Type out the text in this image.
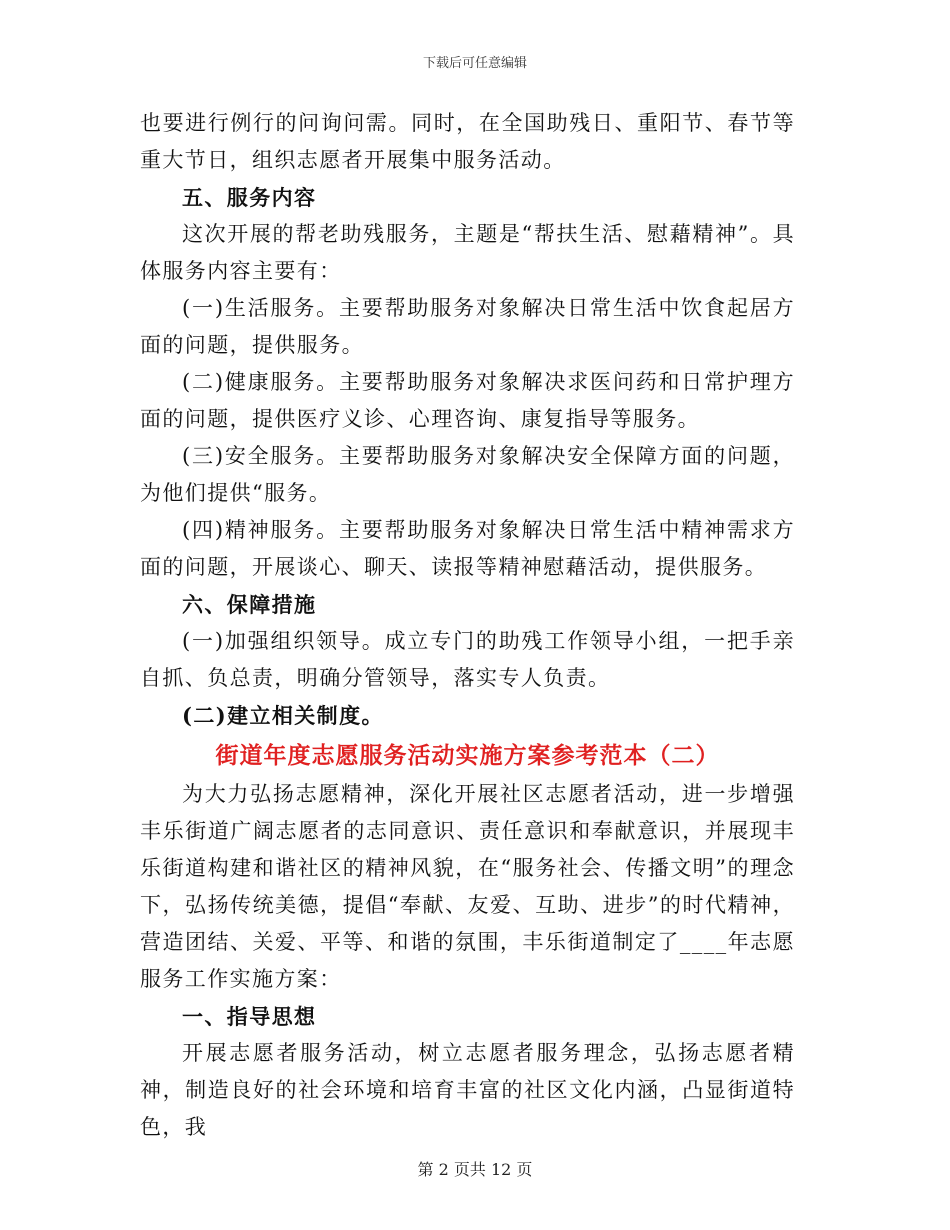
下载后可任意编辑

也要进行例行的问询问需。同时，在全国助残日、重阳节、春节等重大节日，组织志愿者开展集中服务活动。

五、服务内容

这次开展的帮老助残服务，主题是“帮扶生活、慰藉精神”。具体服务内容主要有：

(一)生活服务。主要帮助服务对象解决日常生活中饮食起居方面的问题，提供服务。

(二)健康服务。主要帮助服务对象解决求医问药和日常护理方面的问题，提供医疗义诊、心理咨询、康复指导等服务。

(三)安全服务。主要帮助服务对象解决安全保障方面的问题，为他们提供“服务。

(四)精神服务。主要帮助服务对象解决日常生活中精神需求方面的问题，开展谈心、聊天、读报等精神慰藉活动，提供服务。

六、保障措施

(一)加强组织领导。成立专门的助残工作领导小组，一把手亲自抓、负总责，明确分管领导，落实专人负责。

(二)建立相关制度。

街道年度志愿服务活动实施方案参考范本（二）

为大力弘扬志愿精神，深化开展社区志愿者活动，进一步增强丰乐街道广阔志愿者的志同意识、责任意识和奉献意识，并展现丰乐街道构建和谐社区的精神风貌，在“服务社会、传播文明”的理念下，弘扬传统美德，提倡“奉献、友爱、互助、进步”的时代精神，营造团结、关爱、平等、和谐的氛围，丰乐街道制定了____年志愿服务工作实施方案：

一、指导思想

开展志愿者服务活动，树立志愿者服务理念，弘扬志愿者精神，制造良好的社会环境和培育丰富的社区文化内涵，凸显街道特色，我

第 2 页共 12 页
